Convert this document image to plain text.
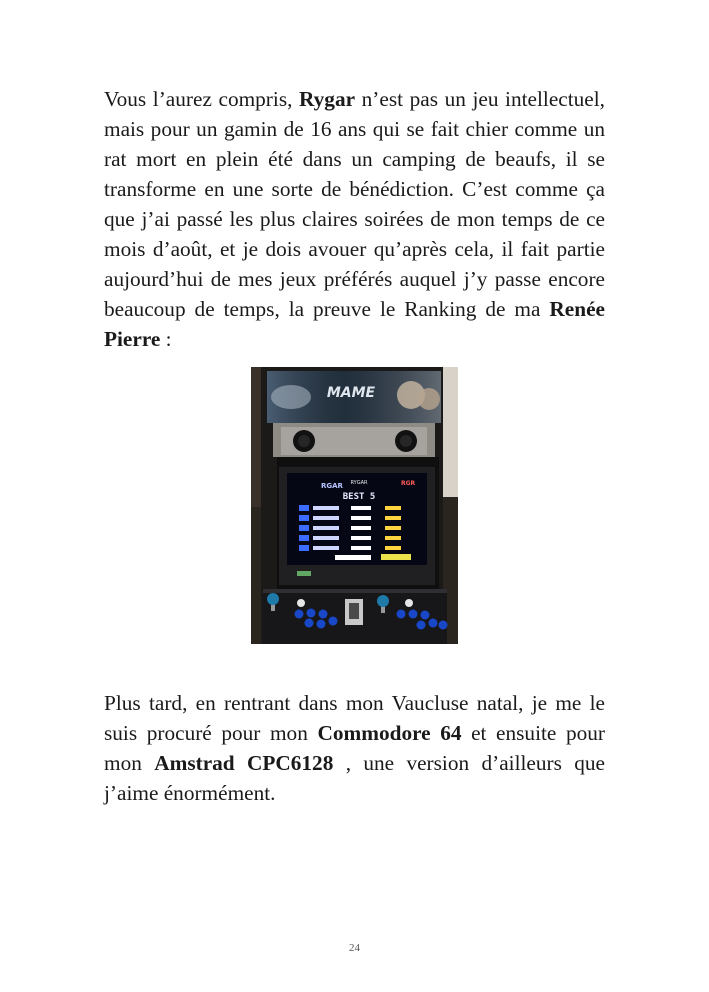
Vous l’aurez compris, Rygar n’est pas un jeu intellectuel, mais pour un gamin de 16 ans qui se fait chier comme un rat mort en plein été dans un camping de beaufs, il se transforme en une sorte de bénédiction. C’est comme ça que j’ai passé les plus claires soirées de mon temps de ce mois d’août, et je dois avouer qu’après cela, il fait partie aujourd’hui de mes jeux préférés auquel j’y passe encore beaucoup de temps, la preuve le Ranking de ma Renée Pierre :

MAME
RGAR	RGR
RYGAR
BEST 5

Plus tard, en rentrant dans mon Vaucluse natal, je me le suis procuré pour mon Commodore 64 et ensuite pour mon Amstrad CPC6128 , une version d’ailleurs que j’aime énormément.

24
